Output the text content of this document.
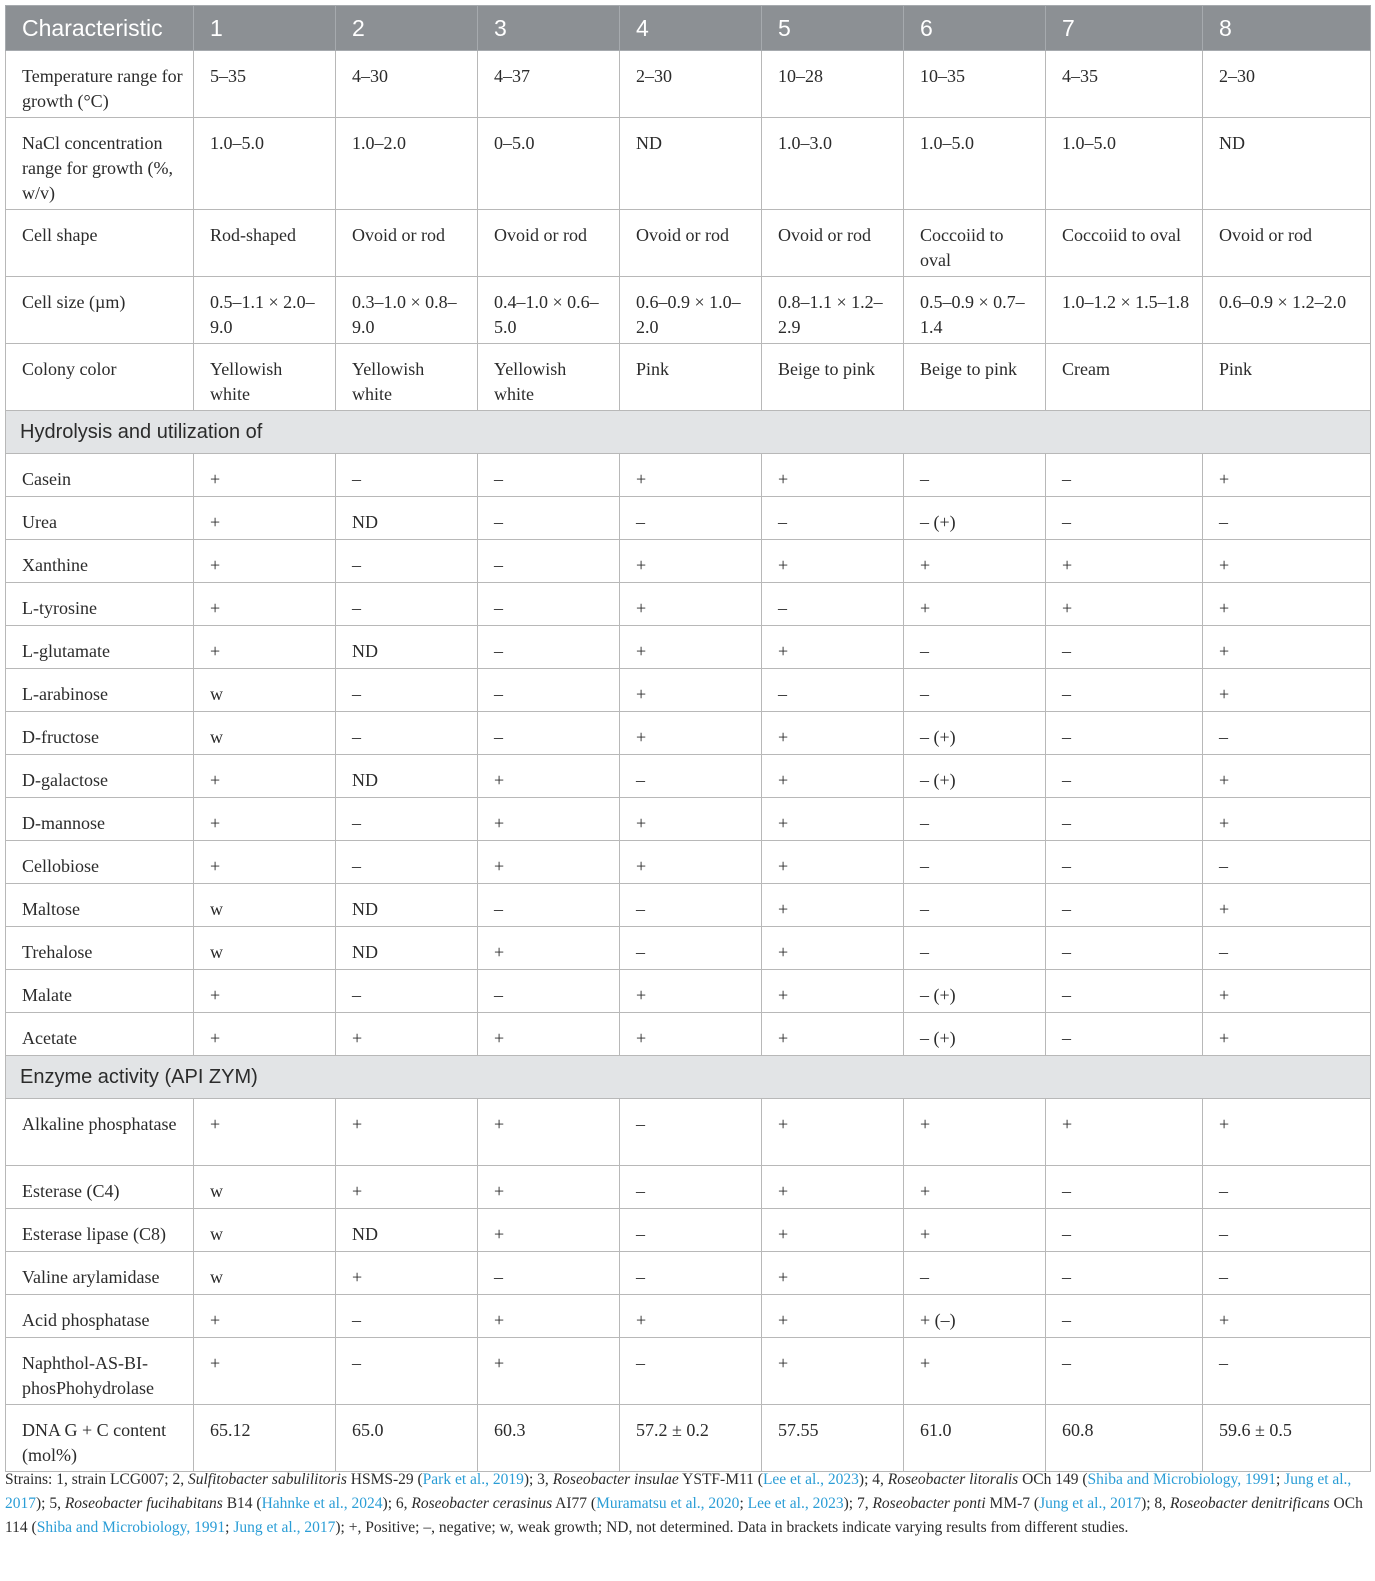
Characteristic	1	2	3	4	5	6	7	8
Temperature range for growth (°C)	5–35	4–30	4–37	2–30	10–28	10–35	4–35	2–30
NaCl concentration range for growth (%, w/v)	1.0–5.0	1.0–2.0	0–5.0	ND	1.0–3.0	1.0–5.0	1.0–5.0	ND
Cell shape	Rod-shaped	Ovoid or rod	Ovoid or rod	Ovoid or rod	Ovoid or rod	Coccoiid to oval	Coccoiid to oval	Ovoid or rod
Cell size (µm)	0.5–1.1 × 2.0–9.0	0.3–1.0 × 0.8–9.0	0.4–1.0 × 0.6–5.0	0.6–0.9 × 1.0–2.0	0.8–1.1 × 1.2–2.9	0.5–0.9 × 0.7–1.4	1.0–1.2 × 1.5–1.8	0.6–0.9 × 1.2–2.0
Colony color	Yellowish white	Yellowish white	Yellowish white	Pink	Beige to pink	Beige to pink	Cream	Pink
Hydrolysis and utilization of								
Casein	+	–	–	+	+	–	–	+
Urea	+	ND	–	–	–	– (+)	–	–
Xanthine	+	–	–	+	+	+	+	+
L-tyrosine	+	–	–	+	–	+	+	+
L-glutamate	+	ND	–	+	+	–	–	+
L-arabinose	w	–	–	+	–	–	–	+
D-fructose	w	–	–	+	+	– (+)	–	–
D-galactose	+	ND	+	–	+	– (+)	–	+
D-mannose	+	–	+	+	+	–	–	+
Cellobiose	+	–	+	+	+	–	–	–
Maltose	w	ND	–	–	+	–	–	+
Trehalose	w	ND	+	–	+	–	–	–
Malate	+	–	–	+	+	– (+)	–	+
Acetate	+	+	+	+	+	– (+)	–	+
Enzyme activity (API ZYM)								
Alkaline phosphatase	+	+	+	–	+	+	+	+
Esterase (C4)	w	+	+	–	+	+	–	–
Esterase lipase (C8)	w	ND	+	–	+	+	–	–
Valine arylamidase	w	+	–	–	+	–	–	–
Acid phosphatase	+	–	+	+	+	+ (–)	–	+
Naphthol-AS-BI-phosPhohydrolase	+	–	+	–	+	+	–	–
DNA G + C content (mol%)	65.12	65.0	60.3	57.2 ± 0.2	57.55	61.0	60.8	59.6 ± 0.5
Strains: 1, strain LCG007; 2, Sulfitobacter sabulilitoris HSMS-29 (Park et al., 2019); 3, Roseobacter insulae YSTF-M11 (Lee et al., 2023); 4, Roseobacter litoralis OCh 149 (Shiba and Microbiology, 1991; Jung et al., 2017); 5, Roseobacter fucihabitans B14 (Hahnke et al., 2024); 6, Roseobacter cerasinus AI77 (Muramatsu et al., 2020; Lee et al., 2023); 7, Roseobacter ponti MM-7 (Jung et al., 2017); 8, Roseobacter denitrificans OCh 114 (Shiba and Microbiology, 1991; Jung et al., 2017); +, Positive; –, negative; w, weak growth; ND, not determined. Data in brackets indicate varying results from different studies.
